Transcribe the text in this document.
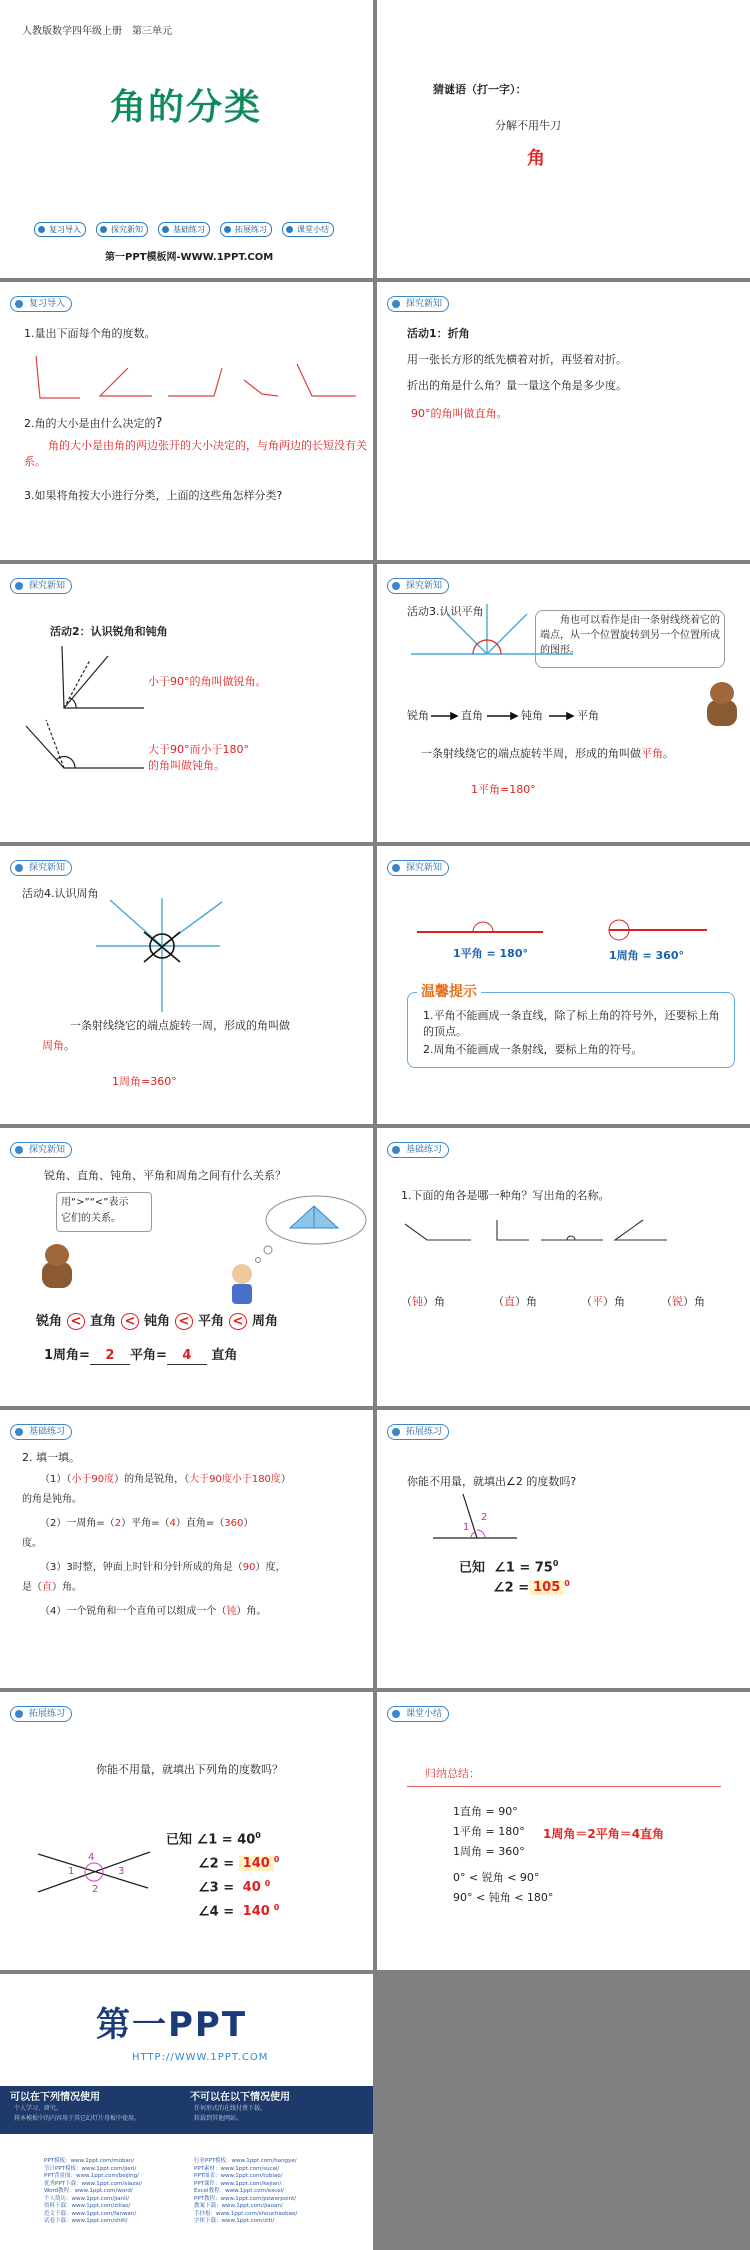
人教版数学四年级上册　第三单元
角的分类
复习导入	探究新知	基础练习	拓展练习	课堂小结
第一PPT模板网-WWW.1PPT.COM
猜谜语（打一字）：
分解不用牛刀
角
复习导入
1.量出下面每个角的度数。
2.角的大小是由什么决定的?
角的大小是由角的两边张开的大小决定的，与角两边的长短没有关系。
3.如果将角按大小进行分类，上面的这些角怎样分类?
探究新知
活动1：折角
用一张长方形的纸先横着对折，再竖着对折。
折出的角是什么角？量一量这个角是多少度。
90°的角叫做直角。
探究新知
活动2：认识锐角和钝角
小于90°的角叫做锐角。
大于90°而小于180°
的角叫做钝角。
探究新知
活动3.认识平角
角也可以看作是由一条射线绕着它的端点，从一个位置旋转到另一个位置所成的图形。
锐角	直角	钝角	平角
一条射线绕它的端点旋转半周，形成的角叫做平角。
1平角=180°
探究新知
活动4.认识周角
一条射线绕它的端点旋转一周，形成的角叫做
周角。
1周角=360°
探究新知
1平角 = 180°	1周角 = 360°
温馨提示
1.平角不能画成一条直线，除了标上角的符号外，还要标上角的顶点。
2.周角不能画成一条射线，要标上角的符号。
探究新知
锐角、直角、钝角、平角和周角之间有什么关系？
用“>”“<”表示
它们的关系。
锐角 < 直角 < 钝角 < 平角 < 周角
1周角= 2 平角= 4 直角
基础练习
1.下面的角各是哪一种角？写出角的名称。
（钝）角	（直）角	（平）角	（锐）角
基础练习
2. 填一填。
（1）（小于90度）的角是锐角，（大于90度小于180度）
的角是钝角。
（2）一周角=（2）平角=（4）直角=（360）
度。
（3）3时整，钟面上时针和分针所成的角是（90）度，
是（直）角。
（4）一个锐角和一个直角可以组成一个（钝）角。
拓展练习
你能不用量，就填出∠2 的度数吗?
1
2
已知 ∠1 = $75^0$
∠2 = 105 $^0$
拓展练习
你能不用量，就填出下列角的度数吗？
4
1	3
2
已知 ∠1 = $40^0$
∠2 = 140 $^0$
∠3 = 40 $^0$
∠4 = 140 $^0$
课堂小结
归纳总结：
1直角 = 90°
1平角 = 180°
1周角 = 360°
0° < 锐角 < 90°
90° < 钝角 < 180°
1周角＝2平角＝4直角
第一PPT
HTTP://WWW.1PPT.COM
可以在下列情况使用
个人学习、研究。
将本模板中的内容用于其它幻灯片母板中使用。
不可以在以下情况使用
任何形式的在线付费下载。
转载到其他网站。
PPT模板：www.1ppt.com/moban/
节日PPT模板：www.1ppt.com/jieri/
PPT背景图：www.1ppt.com/beijing/
优秀PPT下载：www.1ppt.com/xiazai/
Word教程：www.1ppt.com/word/
个人简历：www.1ppt.com/jianli/
资料下载：www.1ppt.com/ziliao/
范文下载：www.1ppt.com/fanwen/
试卷下载：www.1ppt.com/shiti/
行业PPT模板：www.1ppt.com/hangye/
PPT素材：www.1ppt.com/sucai/
PPT图表：www.1ppt.com/tubiao/
PPT课件：www.1ppt.com/kejian/
Excel教程：www.1ppt.com/excel/
PPT教程：www.1ppt.com/powerpoint/
教案下载：www.1ppt.com/jiaoan/
手抄报：www.1ppt.com/shouchaobao/
字体下载：www.1ppt.com/ziti/
